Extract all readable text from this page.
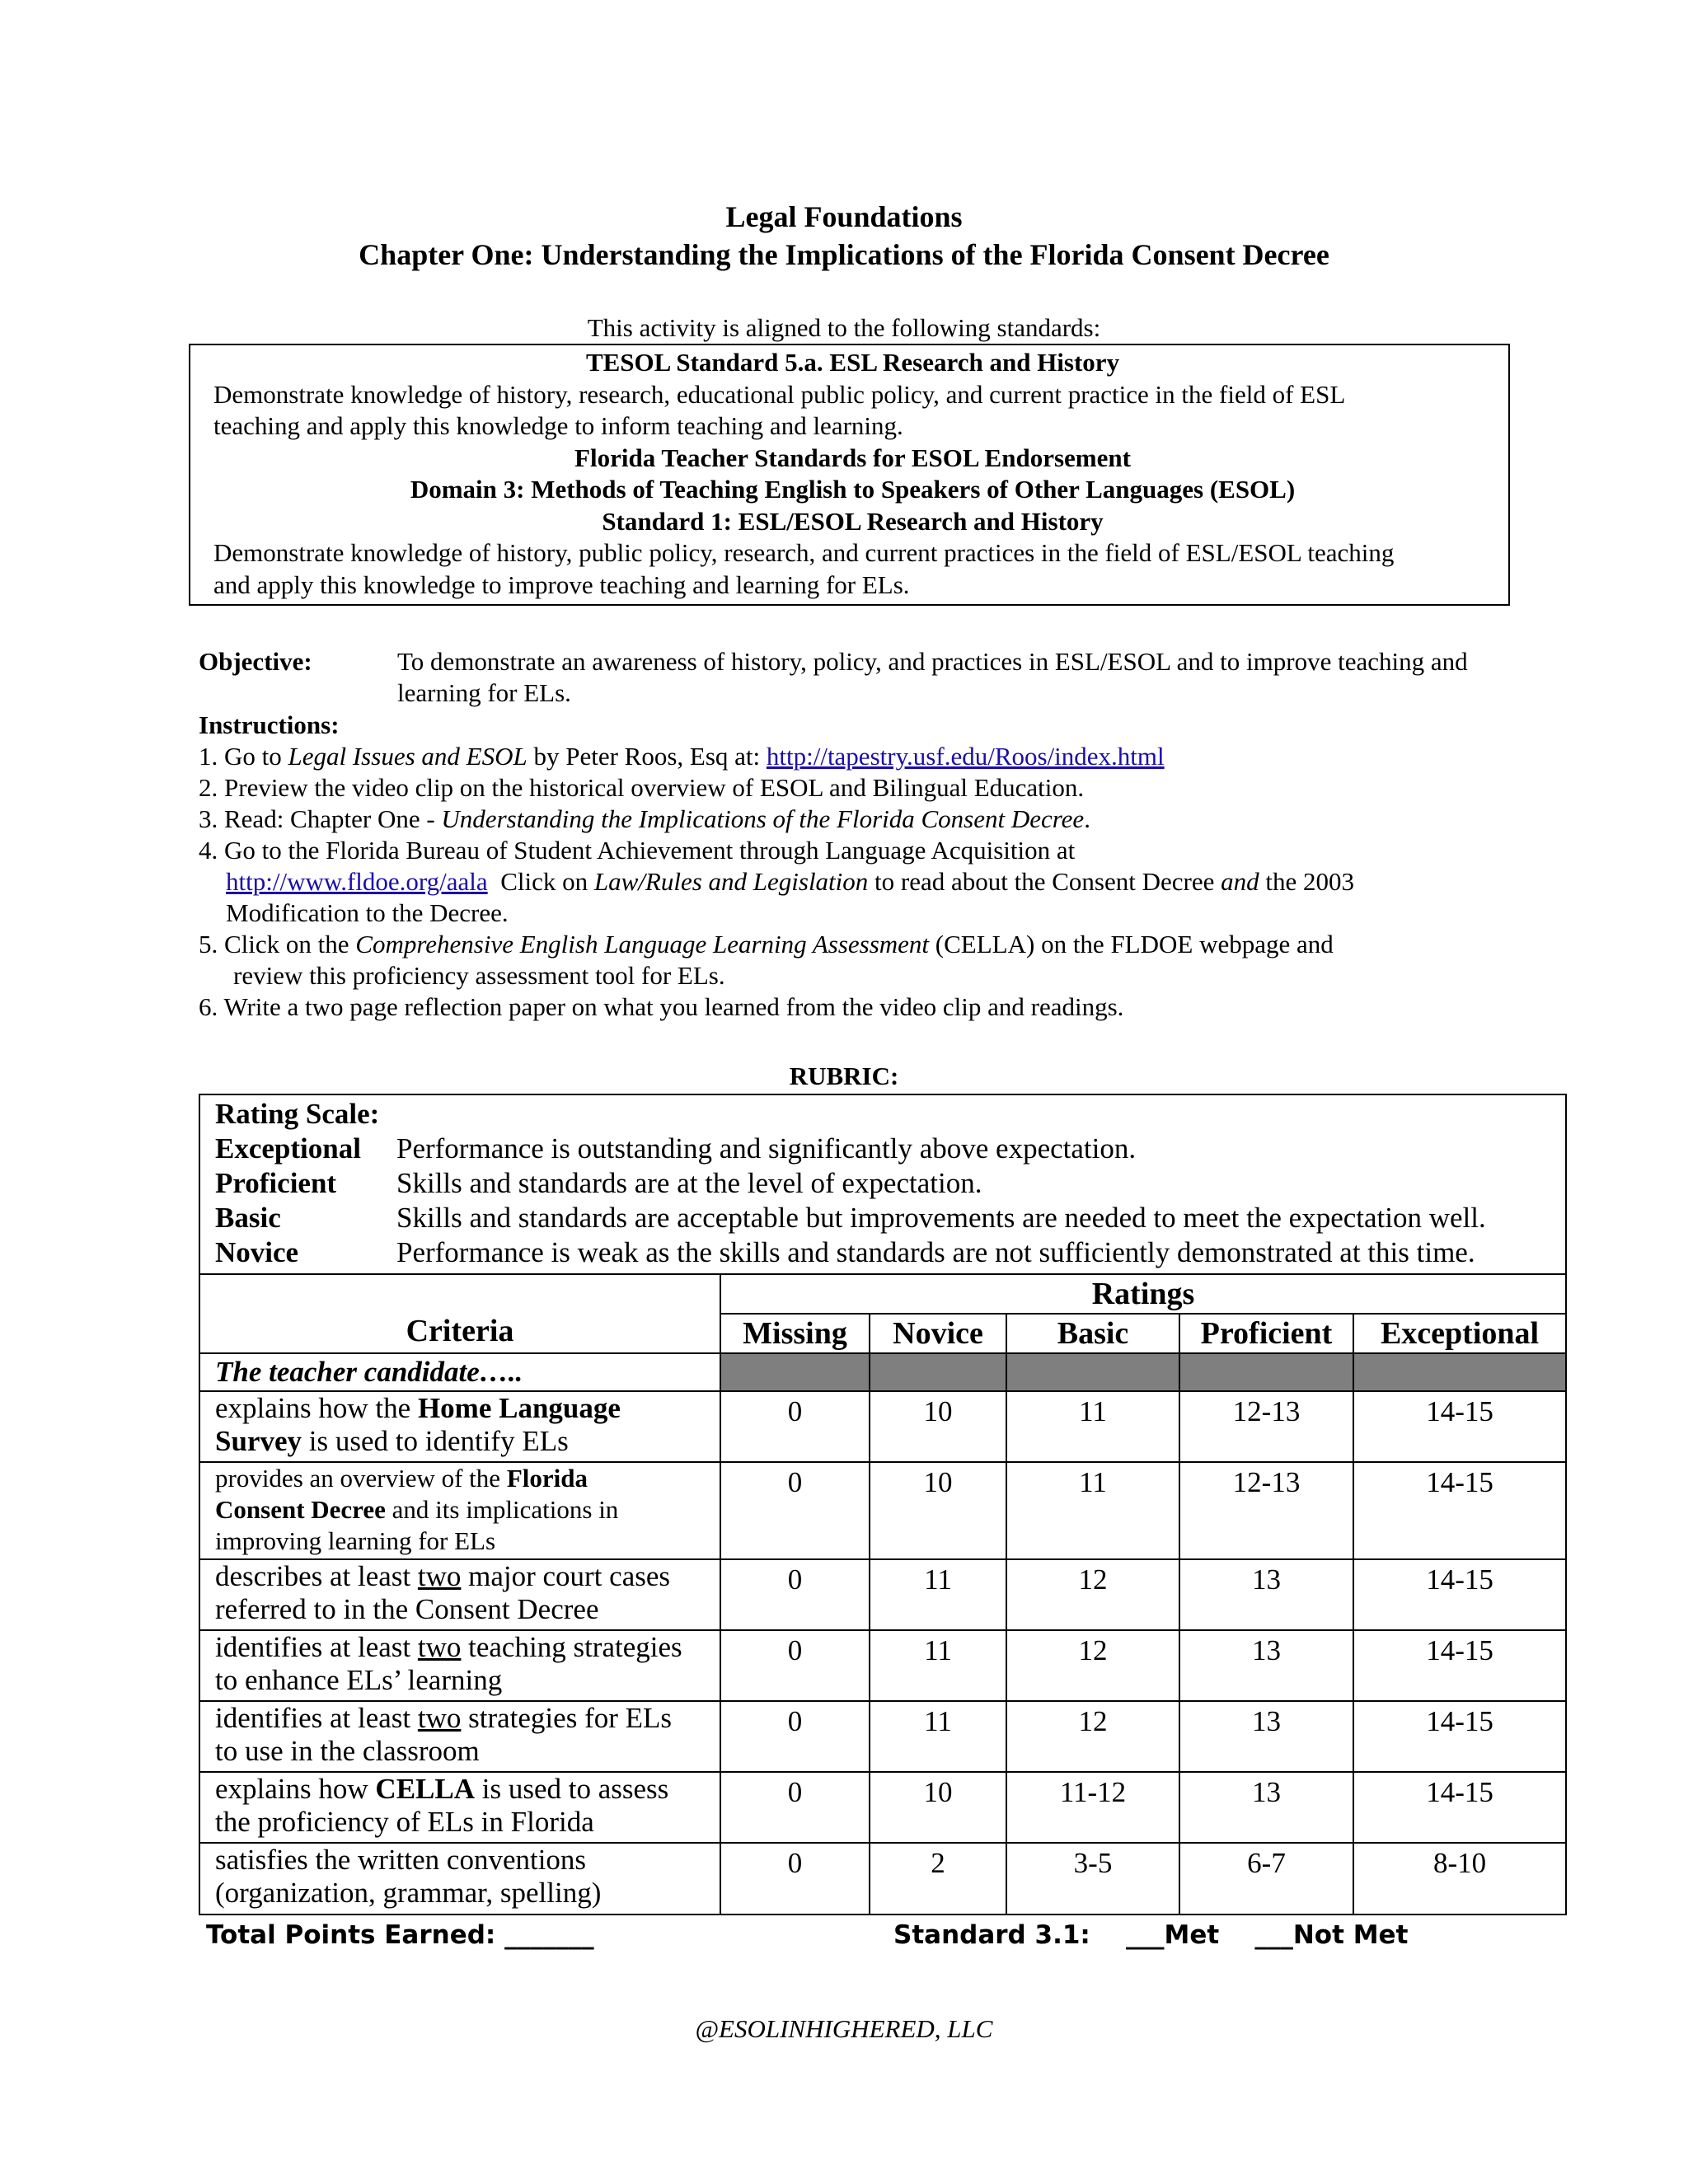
Legal Foundations
Chapter One: Understanding the Implications of the Florida Consent Decree
This activity is aligned to the following standards:
TESOL Standard 5.a. ESL Research and History
Demonstrate knowledge of history, research, educational public policy, and current practice in the field of ESL
teaching and apply this knowledge to inform teaching and learning.
Florida Teacher Standards for ESOL Endorsement
Domain 3: Methods of Teaching English to Speakers of Other Languages (ESOL)
Standard 1: ESL/ESOL Research and History
Demonstrate knowledge of history, public policy, research, and current practices in the field of ESL/ESOL teaching
and apply this knowledge to improve teaching and learning for ELs.
Objective:	To demonstrate an awareness of history, policy, and practices in ESL/ESOL and to improve teaching and learning for ELs.
Instructions:
1. Go to Legal Issues and ESOL by Peter Roos, Esq at: http://tapestry.usf.edu/Roos/index.html
2. Preview the video clip on the historical overview of ESOL and Bilingual Education.
3. Read: Chapter One - Understanding the Implications of the Florida Consent Decree.
4. Go to the Florida Bureau of Student Achievement through Language Acquisition at
http://www.fldoe.org/aala  Click on Law/Rules and Legislation to read about the Consent Decree and the 2003
Modification to the Decree.
5. Click on the Comprehensive English Language Learning Assessment (CELLA) on the FLDOE webpage and
review this proficiency assessment tool for ELs.
6. Write a two page reflection paper on what you learned from the video clip and readings.
RUBRIC:
Rating Scale:
Exceptional Performance is outstanding and significantly above expectation.
Proficient Skills and standards are at the level of expectation.
Basic	Skills and standards are acceptable but improvements are needed to meet the expectation well.
Novice	Performance is weak as the skills and standards are not sufficiently demonstrated at this time.
Criteria	Ratings				
	Missing	Novice	Basic	Proficient	Exceptional
The teacher candidate…..					
explains how the Home Language
Survey is used to identify ELs	0	10	11	12-13	14-15
provides an overview of the Florida
Consent Decree and its implications in
improving learning for ELs	0	10	11	12-13	14-15
describes at least two major court cases
referred to in the Consent Decree	0	11	12	13	14-15
identifies at least two teaching strategies
to enhance ELs’ learning	0	11	12	13	14-15
identifies at least two strategies for ELs
to use in the classroom	0	11	12	13	14-15
explains how CELLA is used to assess
the proficiency of ELs in Florida	0	10	11-12	13	14-15
satisfies the written conventions
(organization, grammar, spelling)	0	2	3-5	6-7	8-10
Total Points Earned: _______	Standard 3.1:    ___Met    ___Not Met
@ESOLINHIGHERED, LLC
